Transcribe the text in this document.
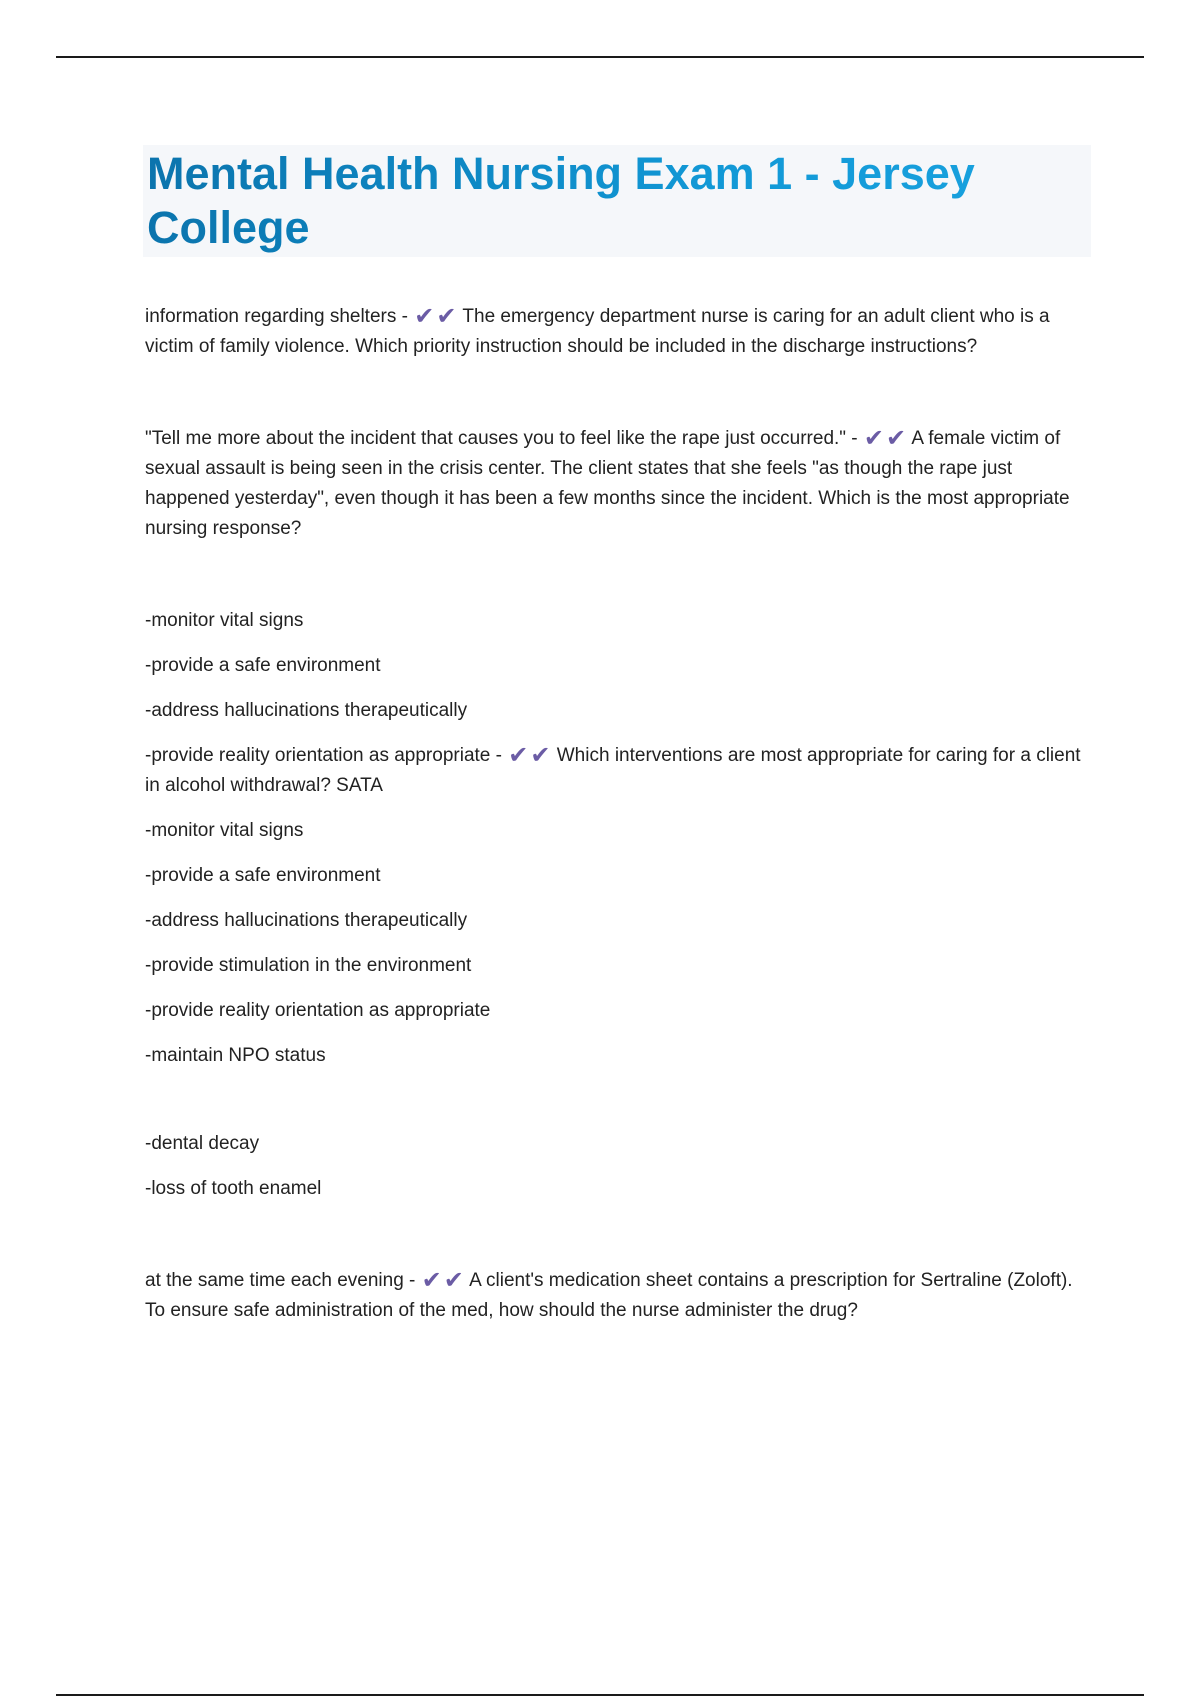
Mental Health Nursing Exam 1 - Jersey College

information regarding shelters - ✔✔ The emergency department nurse is caring for an adult client who is a victim of family violence. Which priority instruction should be included in the discharge instructions?

"Tell me more about the incident that causes you to feel like the rape just occurred." - ✔✔ A female victim of sexual assault is being seen in the crisis center. The client states that she feels "as though the rape just happened yesterday", even though it has been a few months since the incident. Which is the most appropriate nursing response?

-monitor vital signs

-provide a safe environment

-address hallucinations therapeutically

-provide reality orientation as appropriate - ✔✔ Which interventions are most appropriate for caring for a client in alcohol withdrawal? SATA

-monitor vital signs

-provide a safe environment

-address hallucinations therapeutically

-provide stimulation in the environment

-provide reality orientation as appropriate

-maintain NPO status

-dental decay

-loss of tooth enamel

at the same time each evening - ✔✔ A client's medication sheet contains a prescription for Sertraline (Zoloft). To ensure safe administration of the med, how should the nurse administer the drug?
